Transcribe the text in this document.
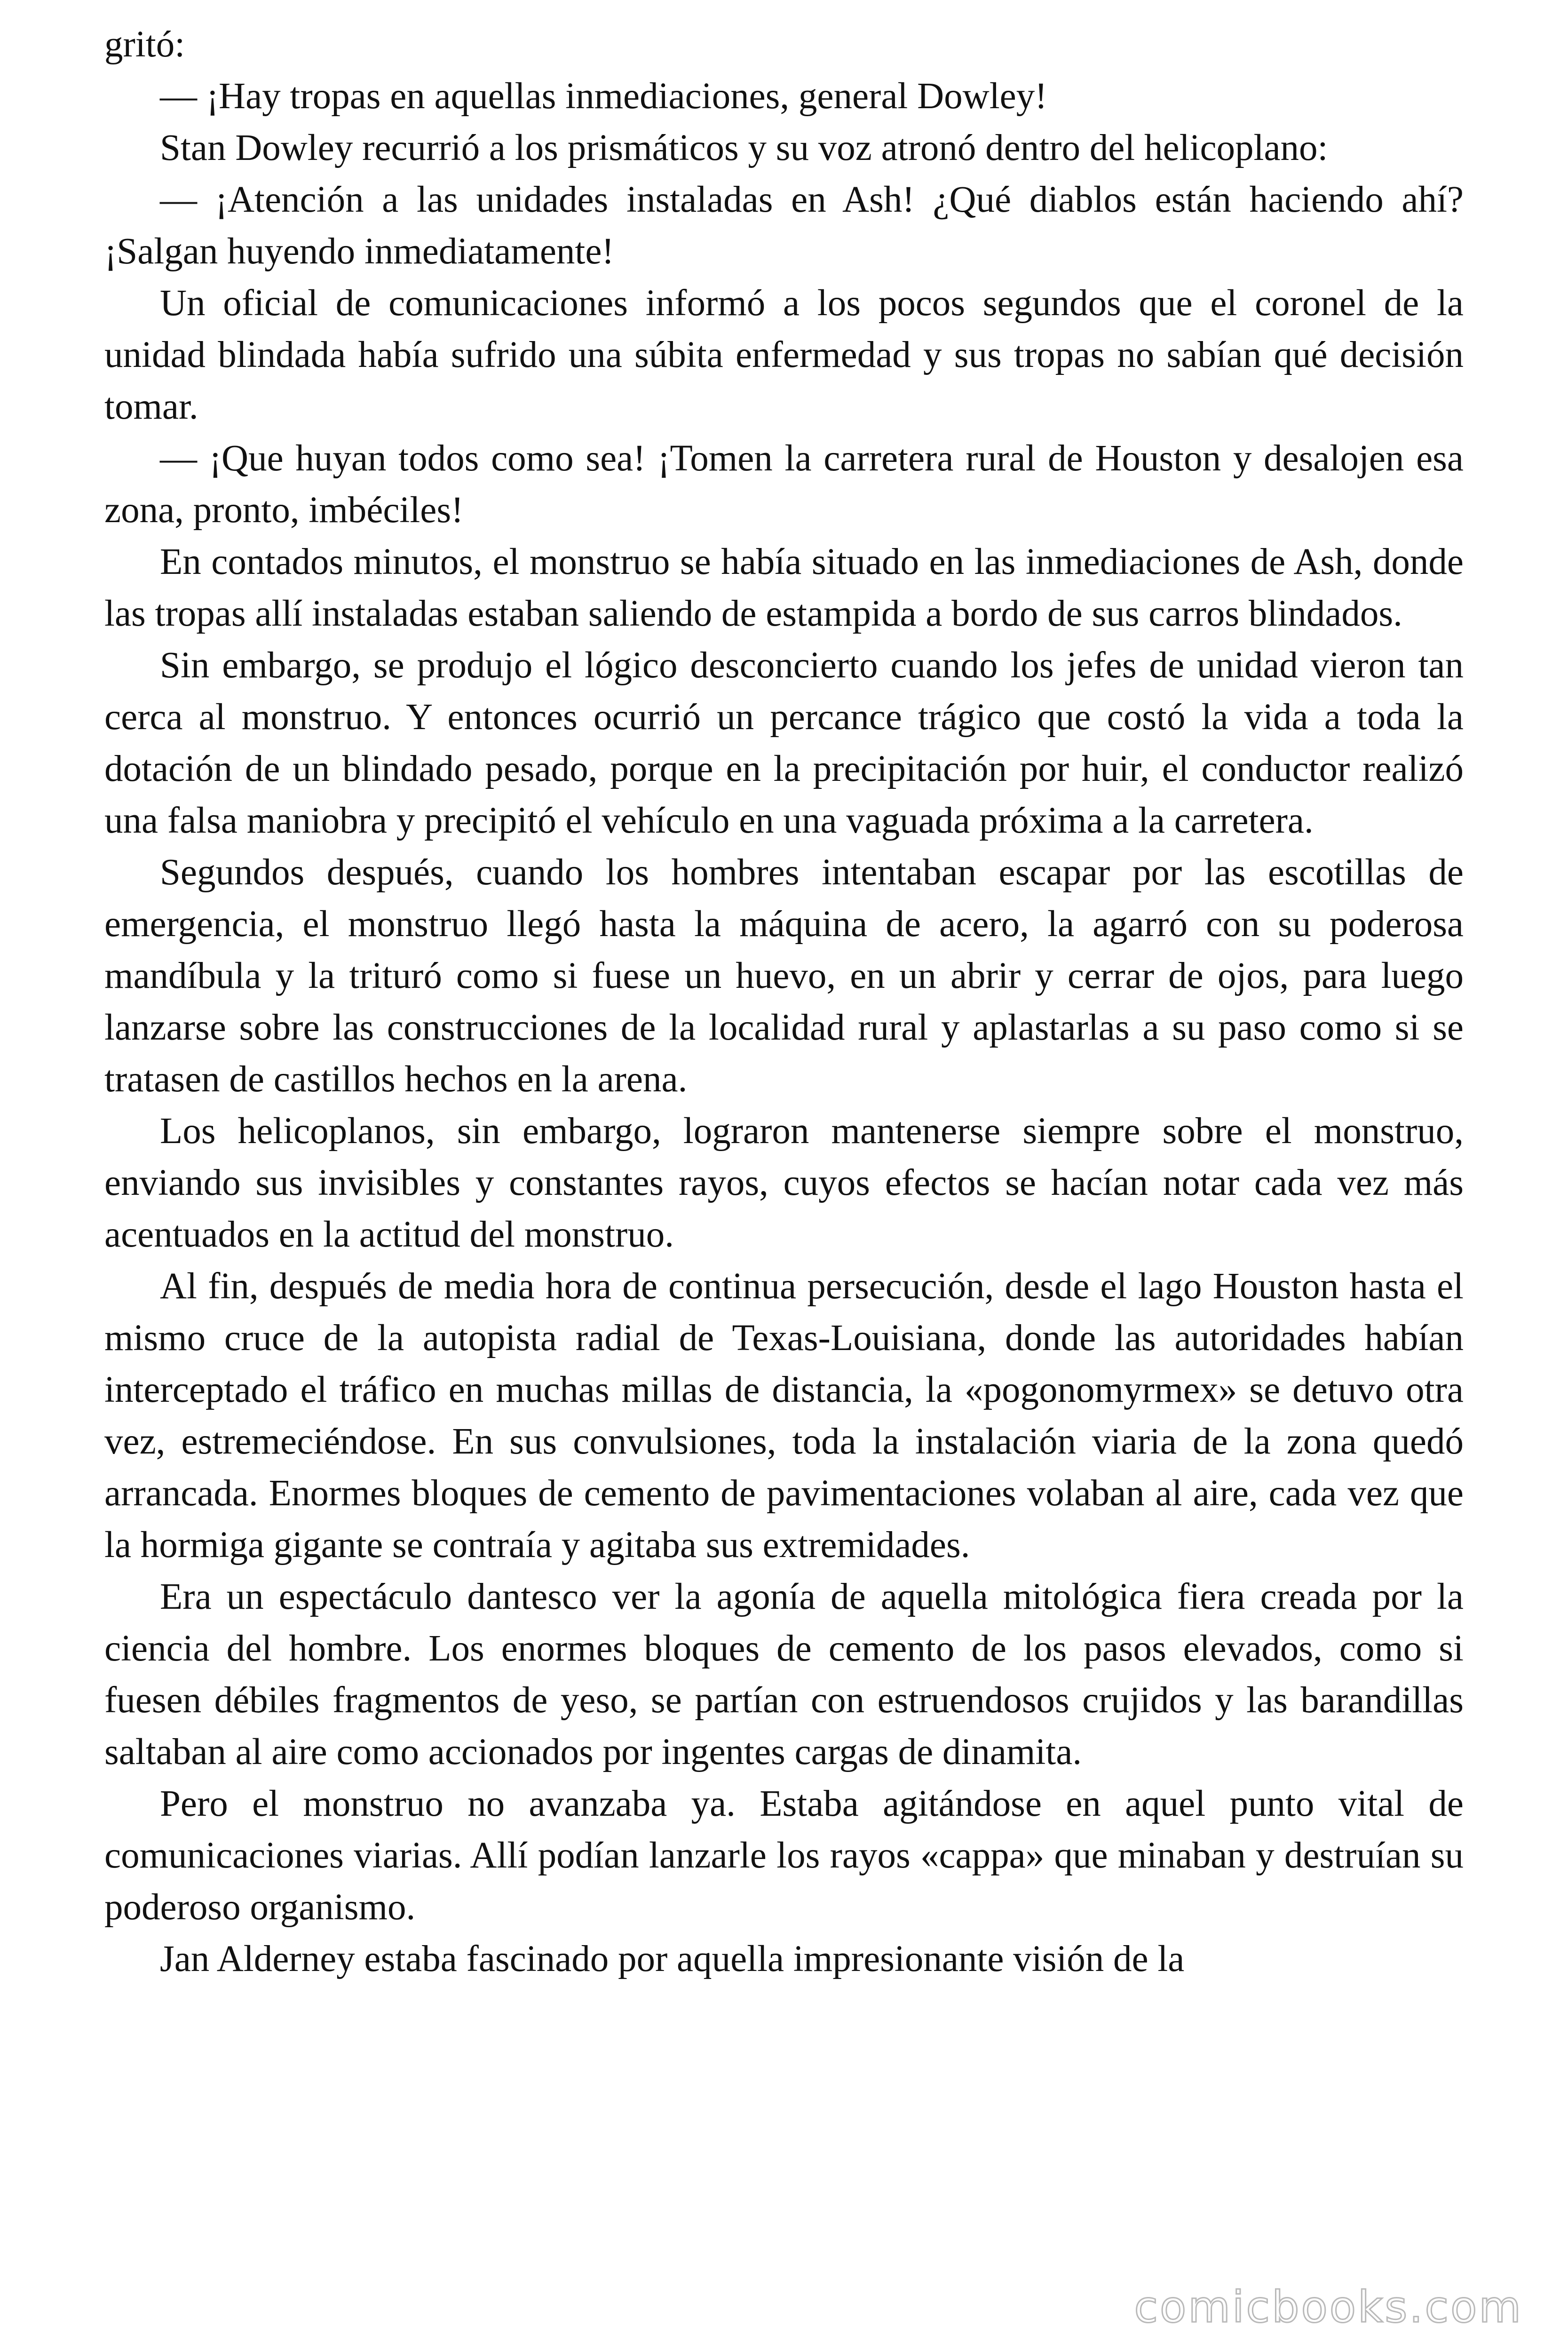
gritó:

— ¡Hay tropas en aquellas inmediaciones, general Dowley!

Stan Dowley recurrió a los prismáticos y su voz atronó dentro del helicoplano:

— ¡Atención a las unidades instaladas en Ash! ¿Qué diablos están haciendo ahí? ¡Salgan huyendo inmediatamente!

Un oficial de comunicaciones informó a los pocos segundos que el coronel de la unidad blindada había sufrido una súbita enfermedad y sus tropas no sabían qué decisión tomar.

— ¡Que huyan todos como sea! ¡Tomen la carretera rural de Houston y desalojen esa zona, pronto, imbéciles!

En contados minutos, el monstruo se había situado en las inmediaciones de Ash, donde las tropas allí instaladas estaban saliendo de estampida a bordo de sus carros blindados.

Sin embargo, se produjo el lógico desconcierto cuando los jefes de unidad vieron tan cerca al monstruo. Y entonces ocurrió un percance trágico que costó la vida a toda la dotación de un blindado pesado, porque en la precipitación por huir, el conductor realizó una falsa maniobra y precipitó el vehículo en una vaguada próxima a la carretera.

Segundos después, cuando los hombres intentaban escapar por las escotillas de emergencia, el monstruo llegó hasta la máquina de acero, la agarró con su poderosa mandíbula y la trituró como si fuese un huevo, en un abrir y cerrar de ojos, para luego lanzarse sobre las construcciones de la localidad rural y aplastarlas a su paso como si se tratasen de castillos hechos en la arena.

Los helicoplanos, sin embargo, lograron mantenerse siempre sobre el monstruo, enviando sus invisibles y constantes rayos, cuyos efectos se hacían notar cada vez más acentuados en la actitud del monstruo.

Al fin, después de media hora de continua persecución, desde el lago Houston hasta el mismo cruce de la autopista radial de Texas-Louisiana, donde las autoridades habían interceptado el tráfico en muchas millas de distancia, la «pogonomyrmex» se detuvo otra vez, estremeciéndose. En sus convulsiones, toda la instalación viaria de la zona quedó arrancada. Enormes bloques de cemento de pavimentaciones volaban al aire, cada vez que la hormiga gigante se contraía y agitaba sus extremidades.

Era un espectáculo dantesco ver la agonía de aquella mitológica fiera creada por la ciencia del hombre. Los enormes bloques de cemento de los pasos elevados, como si fuesen débiles fragmentos de yeso, se partían con estruendosos crujidos y las barandillas saltaban al aire como accionados por ingentes cargas de dinamita.

Pero el monstruo no avanzaba ya. Estaba agitándose en aquel punto vital de comunicaciones viarias. Allí podían lanzarle los rayos «cappa» que minaban y destruían su poderoso organismo.

Jan Alderney estaba fascinado por aquella impresionante visión de la

comicbooks.com
